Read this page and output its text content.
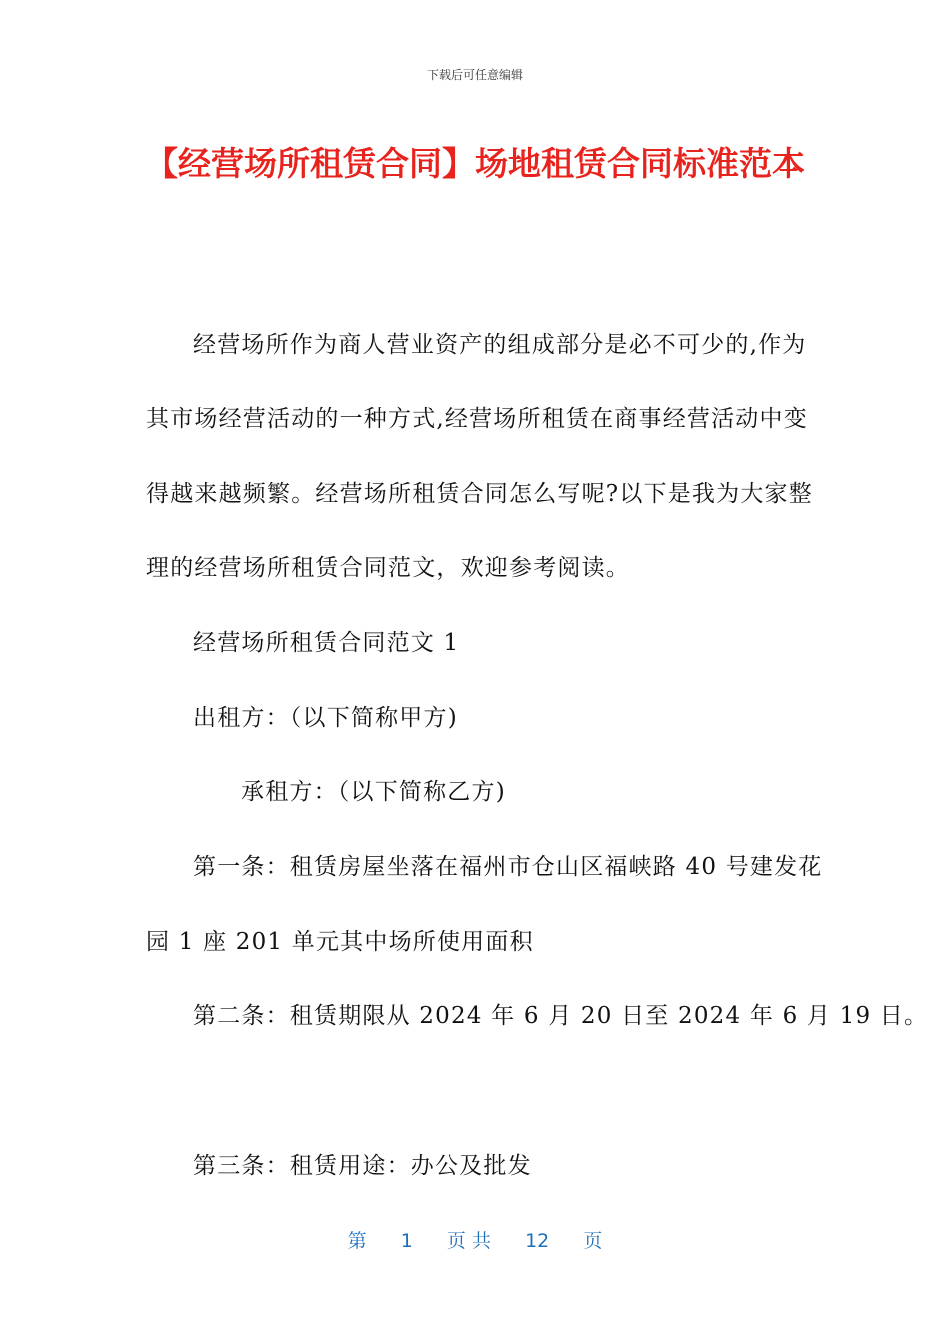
下载后可任意编辑
【经营场所租赁合同】场地租赁合同标准范本
经营场所作为商人营业资产的组成部分是必不可少的,作为
其市场经营活动的一种方式,经营场所租赁在商事经营活动中变
得越来越频繁。经营场所租赁合同怎么写呢?以下是我为大家整
理的经营场所租赁合同范文，欢迎参考阅读。
经营场所租赁合同范文 1
出租方：（以下简称甲方)
承租方：（以下简称乙方)
第一条：租赁房屋坐落在福州市仓山区福峡路 40 号建发花
园 1 座 201 单元其中场所使用面积
第二条：租赁期限从 2024 年 6 月 20 日至 2024 年 6 月 19 日。
第三条：租赁用途：办公及批发
第 1 页 共 12 页
